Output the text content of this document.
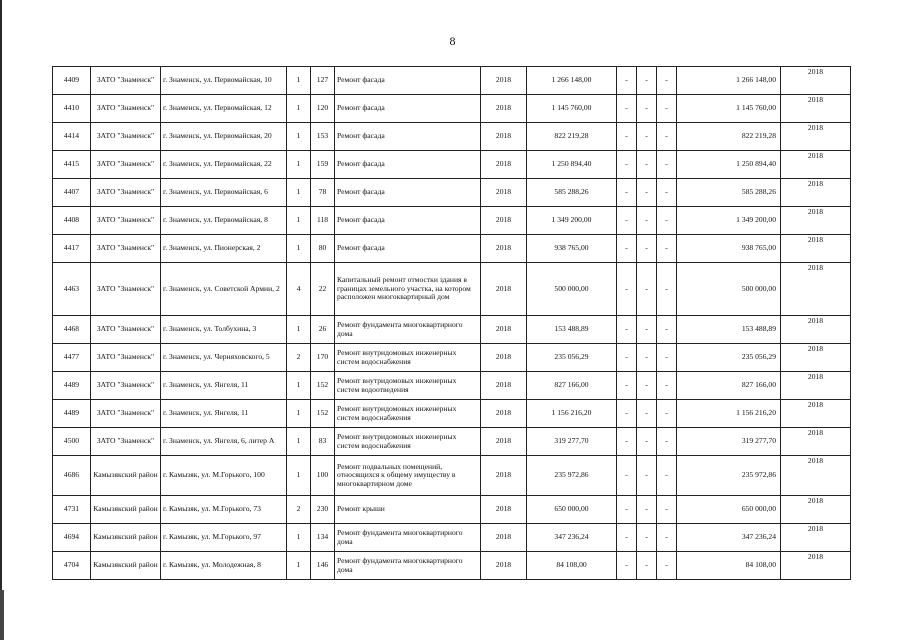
8
4409	ЗАТО "Знаменск"	г. Знаменск, ул. Первомайская, 10	1	127	Ремонт фасада	2018	1 266 148,00	-	-	-	1 266 148,00	2018
4410	ЗАТО "Знаменск"	г. Знаменск, ул. Первомайская, 12	1	120	Ремонт фасада	2018	1 145 760,00	-	-	-	1 145 760,00	2018
4414	ЗАТО "Знаменск"	г. Знаменск, ул. Первомайская, 20	1	153	Ремонт фасада	2018	822 219,28	-	-	-	822 219,28	2018
4415	ЗАТО "Знаменск"	г. Знаменск, ул. Первомайская, 22	1	159	Ремонт фасада	2018	1 250 894,40	-	-	-	1 250 894,40	2018
4407	ЗАТО "Знаменск"	г. Знаменск, ул. Первомайская, 6	1	78	Ремонт фасада	2018	585 288,26	-	-	-	585 288,26	2018
4408	ЗАТО "Знаменск"	г. Знаменск, ул. Первомайская, 8	1	118	Ремонт фасада	2018	1 349 200,00	-	-	-	1 349 200,00	2018
4417	ЗАТО "Знаменск"	г. Знаменск, ул. Пионерская, 2	1	80	Ремонт фасада	2018	938 765,00	-	-	-	938 765,00	2018
4463	ЗАТО "Знаменск"	г. Знаменск, ул. Советской Армии, 2	4	22	Капитальный ремонт отмостки здания в границах земельного участка, на котором расположен многоквартирный дом	2018	500 000,00	-	-	-	500 000,00	2018
4468	ЗАТО "Знаменск"	г. Знаменск, ул. Толбухина, 3	1	26	Ремонт фундамента многоквартирного дома	2018	153 488,89	-	-	-	153 488,89	2018
4477	ЗАТО "Знаменск"	г. Знаменск, ул. Черняховского, 5	2	170	Ремонт внутридомовых инженерных систем водоснабжения	2018	235 056,29	-	-	-	235 056,29	2018
4489	ЗАТО "Знаменск"	г. Знаменск, ул. Янгеля, 11	1	152	Ремонт внутридомовых инженерных систем водоотведения	2018	827 166,00	-	-	-	827 166,00	2018
4489	ЗАТО "Знаменск"	г. Знаменск, ул. Янгеля, 11	1	152	Ремонт внутридомовых инженерных систем водоснабжения	2018	1 156 216,20	-	-	-	1 156 216,20	2018
4500	ЗАТО "Знаменск"	г. Знаменск, ул. Янгеля, 6, литер А	1	83	Ремонт внутридомовых инженерных систем водоснабжения	2018	319 277,70	-	-	-	319 277,70	2018
4686	Камызякский район	г. Камызяк, ул. М.Горького, 100	1	100	Ремонт подвальных помещений, относящихся к общему имуществу в многоквартирном доме	2018	235 972,86	-	-	-	235 972,86	2018
4731	Камызякский район	г. Камызяк, ул. М.Горького, 73	2	230	Ремонт крыши	2018	650 000,00	-	-	-	650 000,00	2018
4694	Камызякский район	г. Камызяк, ул. М.Горького, 97	1	134	Ремонт фундамента многоквартирного дома	2018	347 236,24	-	-	-	347 236,24	2018
4704	Камызякский район	г. Камызяк, ул. Молодежная, 8	1	146	Ремонт фундамента многоквартирного дома	2018	84 108,00	-	-	-	84 108,00	2018
